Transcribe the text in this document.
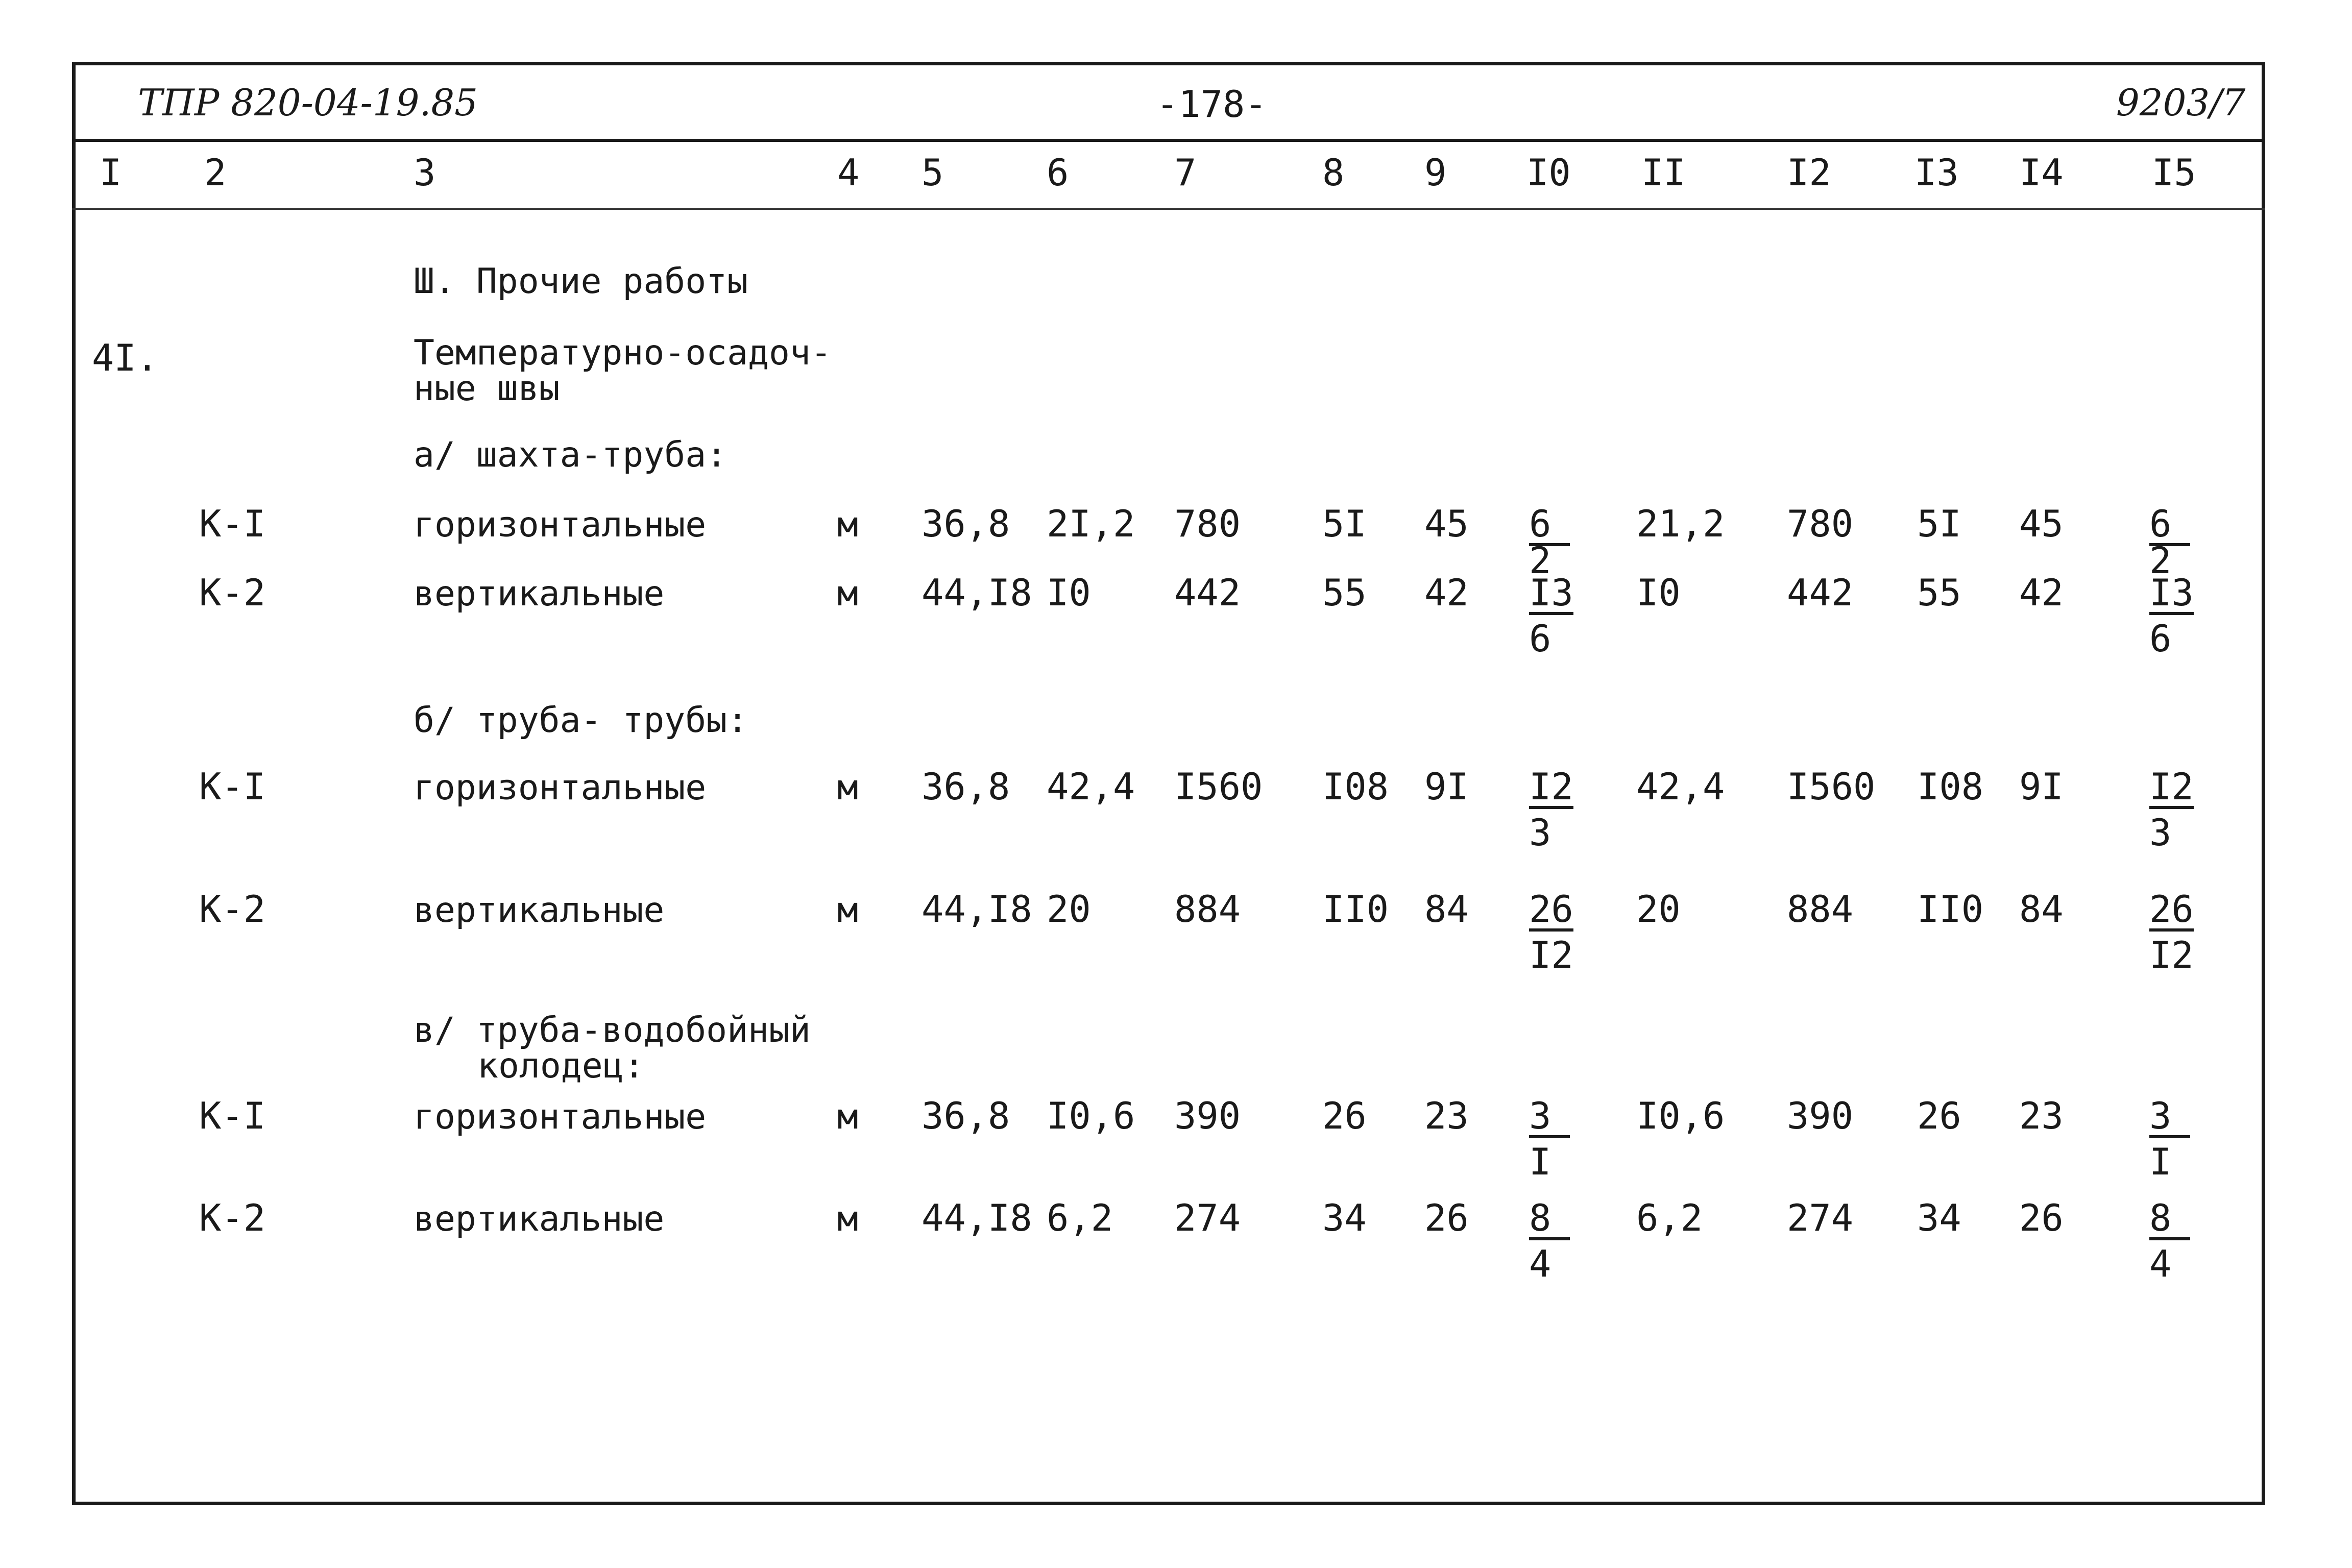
ТПР 820-04-19.85	-178-	9203/7
I 2	3	4 5	6	7	8 9 I0 II	I2 I3 I4 I5
Ш. Прочие работы
4I.	Температурно-осадоч-
ные швы
а/ шахта-труба:
К-I	горизонтальные	м 36,8 2I,2 780 5I $45 \frac{6}{2} 21,2$ 780 5I $45 \frac{6}{2}$
К-2	вертикальные	м 44,I8 I0 442 55 $42 \frac{I3}{6} I0$	442 55 $42 \frac{I3}{6}$
б/ труба- трубы:
К-I	горизонтальные	м 36,8 42,4 I560 I08 $9I \frac{I2}{3} 42,4$ I560 I08 $9I \frac{I2}{3}$
К-2	вертикальные	м 44,I8 20 884 II0 $84 \frac{26}{I2} 20$	884 II0 $84 \frac{26}{I2}$
в/ труба-водобойный
колодец:
К-I	горизонтальные	м 36,8 I0,6 390 26 $23 \frac{3}{I} I0,6$ 390 26 $23 \frac{3}{I}$
К-2	вертикальные	м 44,I8 6,2 274 34 $26 \frac{8}{4} 6,2$ 274 34 $26 \frac{8}{4}$
